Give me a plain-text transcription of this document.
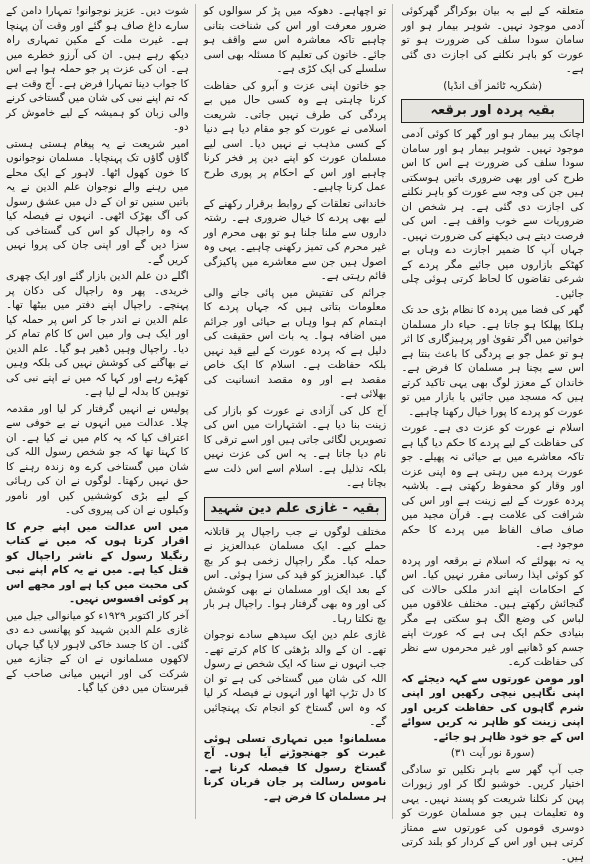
متعلقہ کے لیے بہ بیان بوکراگر گھرکوئی آدمی موجود نہیں۔ شوہر بیمار ہو اور سامان سودا سلف کی ضرورت ہو تو عورت کو باہر نکلنے کی اجازت دی گئی ہے۔

(شکریہ ٹائمز آف انڈیا)
بقیہ پردہ اور برقعہ

اچانک پیر بیمار ہو اور گھر کا کوئی آدمی موجود نہیں۔ شوہر بیمار ہو اور سامان سودا سلف کی ضرورت ہے اس کا اس طرح کی اور بھی ضروری باتیں ہوسکتی ہیں جن کی وجہ سے عورت کو باہر نکلنے کی اجازت دی گئی ہے۔ ہر شخص ان ضروریات سے خوب واقف ہے۔ اس کی فرصت دیتے ہی دیکھنے کی ضرورت نہیں۔ جہاں آپ کا ضمیر اجازت دے وہاں بے کھٹکے بازاروں میں جائیے مگر پردے کے شرعی تقاضوں کا لحاظ کرتی ہوئی چلی جائیں۔

گھر کی فضا میں پردہ کا نظام بڑی حد تک ہلکا پھلکا ہو جاتا ہے۔ حیاء دار مسلمان خواتین میں اگر تقویٰ اور پرہیزگاری کا اثر ہو تو عمل جو بے پردگی کا باعث بنتا ہے اس سے بچنا ہر مسلمان کا فرض ہے۔ خاندان کے معزز لوگ بھی یہی تاکید کرتے ہیں کہ مسجد میں جائیں یا بازار میں تو عورت کو پردے کا پورا خیال رکھنا چاہیے۔

اسلام نے عورت کو عزت دی ہے۔ عورت کی حفاظت کے لیے پردے کا حکم دیا گیا ہے تاکہ معاشرے میں بے حیائی نہ پھیلے۔ جو عورت پردے میں رہتی ہے وہ اپنی عزت اور وقار کو محفوظ رکھتی ہے۔ بلاشبہ پردہ عورت کے لیے زینت ہے اور اس کی شرافت کی علامت ہے۔ قرآن مجید میں صاف صاف الفاظ میں پردے کا حکم موجود ہے۔

یہ نہ بھولئے کہ اسلام نے برقعہ اور پردہ کو کوئی ایذا رسانی مقرر نہیں کیا۔ اس کے احکامات اپنے اندر ملکی حالات کی گنجائش رکھتے ہیں۔ مختلف علاقوں میں لباس کی وضع الگ ہو سکتی ہے مگر بنیادی حکم ایک ہی ہے کہ عورت اپنے جسم کو ڈھانپے اور غیر محرموں سے نظر کی حفاظت کرے۔

اور مومن عورتوں سے کہہ دیجئے کہ اپنی نگاہیں نیچی رکھیں اور اپنی شرم گاہوں کی حفاظت کریں اور اپنی زینت کو ظاہر نہ کریں سوائے اس کے جو خود ظاہر ہو جائے۔

(سورۃ نور آیت ۳۱)

جب آپ گھر سے باہر نکلیں تو سادگی اختیار کریں۔ خوشبو لگا کر اور زیورات پہن کر نکلنا شریعت کو پسند نہیں۔ یہی وہ تعلیمات ہیں جو مسلمان عورت کو دوسری قوموں کی عورتوں سے ممتاز کرتی ہیں اور اس کے کردار کو بلند کرتی ہیں۔

تو اچھاہے۔ دھوکہ میں پڑ کر سوالوں کو ضرور معرفت اور اس کی شناخت بتانی چاہیے تاکہ معاشرہ اس سے واقف ہو جائے۔ خاتون کی تعلیم کا مسئلہ بھی اسی سلسلے کی ایک کڑی ہے۔

جو خاتون اپنی عزت و آبرو کی حفاظت کرنا چاہتی ہے وہ کسی حال میں بے پردگی کی طرف نہیں جاتی۔ شریعت اسلامی نے عورت کو جو مقام دیا ہے دنیا کے کسی مذہب نے نہیں دیا۔ اسی لیے مسلمان عورت کو اپنے دین پر فخر کرنا چاہیے اور اس کے احکام پر پوری طرح عمل کرنا چاہیے۔

خاندانی تعلقات کے روابط برقرار رکھنے کے لیے بھی پردے کا خیال ضروری ہے۔ رشتہ داروں سے ملنا جلنا ہو تو بھی محرم اور غیر محرم کی تمیز رکھنی چاہیے۔ یہی وہ اصول ہیں جن سے معاشرے میں پاکیزگی قائم رہتی ہے۔

جرائم کی تفتیش میں پائی جانے والی معلومات بتاتی ہیں کہ جہاں پردے کا اہتمام کم ہوا وہاں بے حیائی اور جرائم میں اضافہ ہوا۔ یہ بات اس حقیقت کی دلیل ہے کہ پردہ عورت کے لیے قید نہیں بلکہ حفاظت ہے۔ اسلام کا ایک خاص مقصد ہے اور وہ مقصد انسانیت کی بھلائی ہے۔

آج کل کی آزادی نے عورت کو بازار کی زینت بنا دیا ہے۔ اشتہارات میں اس کی تصویریں لگائی جاتی ہیں اور اسے ترقی کا نام دیا جاتا ہے۔ یہ اس کی عزت نہیں بلکہ تذلیل ہے۔ اسلام اسے اس ذلت سے بچاتا ہے۔

بقیہ - غازی علم دین شہید

مختلف لوگوں نے جب راجپال پر قاتلانہ حملے کیے۔ ایک مسلمان عبدالعزیز نے حملہ کیا۔ مگر راجپال زخمی ہو کر بچ گیا۔ عبدالعزیز کو قید کی سزا ہوئی۔ اس کے بعد ایک اور مسلمان نے بھی کوشش کی اور وہ بھی گرفتار ہوا۔ راجپال ہر بار بچ نکلتا رہا۔

غازی علم دین ایک سیدھے سادے نوجوان تھے۔ ان کے والد بڑھئی کا کام کرتے تھے۔ جب انہوں نے سنا کہ ایک شخص نے رسول اللہ کی شان میں گستاخی کی ہے تو ان کا دل تڑپ اٹھا اور انہوں نے فیصلہ کر لیا کہ وہ اس گستاخ کو انجام تک پہنچائیں گے۔

مسلمانو! میں تمہاری تسلی ہوئی غیرت کو جھنجوڑنے آیا ہوں۔ آج گستاخ رسول کا فیصلہ کرنا ہے۔ ناموس رسالت پر جان قربان کرنا ہر مسلمان کا فرض ہے۔

شوت دیں۔ عزیز نوجوانو! تمہارا دامن کے سارے داغ صاف ہو گئے اور وقت آن پہنچا ہے۔ غیرت ملت کے مکین تمہاری راہ دیکھ رہے ہیں۔ ان کی آرزو خطرے میں ہے۔ ان کی عزت پر جو حملہ ہوا ہے اس کا جواب دینا تمہارا فرض ہے۔ آج وقت ہے کہ تم اپنے نبی کی شان میں گستاخی کرنے والی زبان کو ہمیشہ کے لیے خاموش کر دو۔

امیر شریعت نے یہ پیغام ہستی ہستی گاؤں گاؤں تک پہنچایا۔ مسلمان نوجوانوں کا خون کھول اٹھا۔ لاہور کے ایک محلے میں رہنے والے نوجوان علم الدین نے یہ باتیں سنیں تو ان کے دل میں عشق رسول کی آگ بھڑک اٹھی۔ انہوں نے فیصلہ کیا کہ وہ راجپال کو اس کی گستاخی کی سزا دیں گے اور اپنی جان کی پروا نہیں کریں گے۔

اگلے دن علم الدین بازار گئے اور ایک چھری خریدی۔ پھر وہ راجپال کی دکان پر پہنچے۔ راجپال اپنے دفتر میں بیٹھا تھا۔ علم الدین نے اندر جا کر اس پر حملہ کیا اور ایک ہی وار میں اس کا کام تمام کر دیا۔ راجپال وہیں ڈھیر ہو گیا۔ علم الدین نے بھاگنے کی کوشش نہیں کی بلکہ وہیں کھڑے رہے اور کہا کہ میں نے اپنے نبی کی توہین کا بدلہ لے لیا ہے۔

پولیس نے انہیں گرفتار کر لیا اور مقدمہ چلا۔ عدالت میں انہوں نے بے خوفی سے اعتراف کیا کہ یہ کام میں نے کیا ہے۔ ان کا کہنا تھا کہ جو شخص رسول اللہ کی شان میں گستاخی کرے وہ زندہ رہنے کا حق نہیں رکھتا۔ لوگوں نے ان کی رہائی کے لیے بڑی کوششیں کیں اور نامور وکیلوں نے ان کی پیروی کی۔

میں اس عدالت میں اپنے جرم کا اقرار کرتا ہوں کہ میں نے کتاب رنگیلا رسول کے ناشر راجپال کو قتل کیا ہے۔ میں نے یہ کام اپنے نبی کی محبت میں کیا ہے اور مجھے اس پر کوئی افسوس نہیں۔

آخر کار اکتوبر ۱۹۲۹ء کو میانوالی جیل میں غازی علم الدین شہید کو پھانسی دے دی گئی۔ ان کا جسد خاکی لاہور لایا گیا جہاں لاکھوں مسلمانوں نے ان کے جنازے میں شرکت کی اور انہیں میانی صاحب کے قبرستان میں دفن کیا گیا۔
